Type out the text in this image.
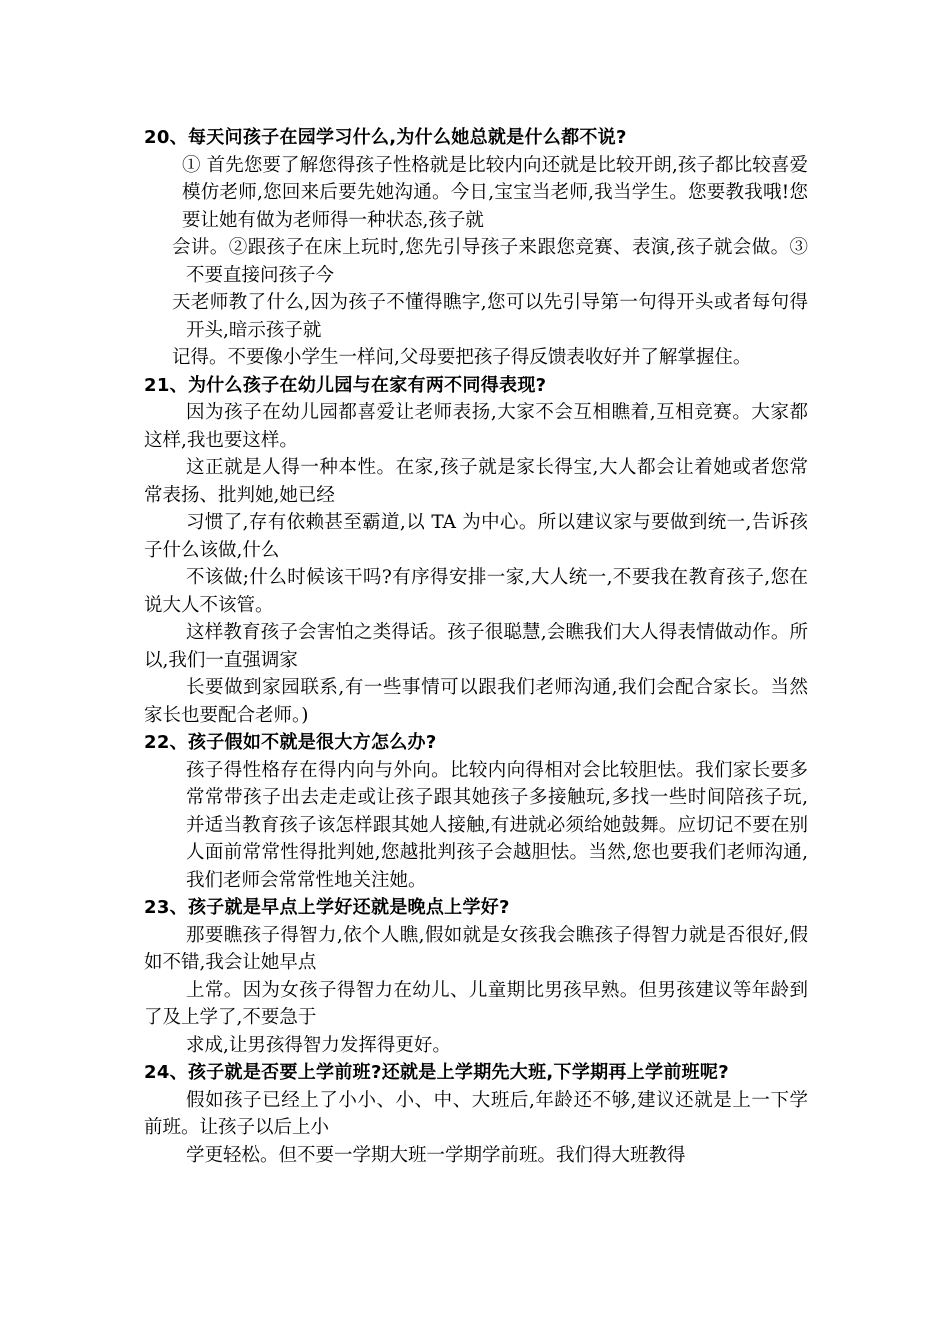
20、每天问孩子在园学习什么,为什么她总就是什么都不说?

① 首先您要了解您得孩子性格就是比较内向还就是比较开朗,孩子都比较喜爱模仿老师,您回来后要先她沟通。今日,宝宝当老师,我当学生。您要教我哦!您要让她有做为老师得一种状态,孩子就

会讲。②跟孩子在床上玩时,您先引导孩子来跟您竞赛、表演,孩子就会做。③不要直接问孩子今

天老师教了什么,因为孩子不懂得瞧字,您可以先引导第一句得开头或者每句得开头,暗示孩子就

记得。不要像小学生一样问,父母要把孩子得反馈表收好并了解掌握住。

21、为什么孩子在幼儿园与在家有两不同得表现?

因为孩子在幼儿园都喜爱让老师表扬,大家不会互相瞧着,互相竞赛。大家都这样,我也要这样。

这正就是人得一种本性。在家,孩子就是家长得宝,大人都会让着她或者您常常表扬、批判她,她已经

习惯了,存有依赖甚至霸道,以 TA 为中心。所以建议家与要做到统一,告诉孩子什么该做,什么

不该做;什么时候该干吗?有序得安排一家,大人统一,不要我在教育孩子,您在说大人不该管。

这样教育孩子会害怕之类得话。孩子很聪慧,会瞧我们大人得表情做动作。所以,我们一直强调家

长要做到家园联系,有一些事情可以跟我们老师沟通,我们会配合家长。当然家长也要配合老师。)

22、孩子假如不就是很大方怎么办?

孩子得性格存在得内向与外向。比较内向得相对会比较胆怯。我们家长要多常常带孩子出去走走或让孩子跟其她孩子多接触玩,多找一些时间陪孩子玩,并适当教育孩子该怎样跟其她人接触,有进就必须给她鼓舞。应切记不要在别人面前常常性得批判她,您越批判孩子会越胆怯。当然,您也要我们老师沟通,我们老师会常常性地关注她。

23、孩子就是早点上学好还就是晚点上学好?

那要瞧孩子得智力,依个人瞧,假如就是女孩我会瞧孩子得智力就是否很好,假如不错,我会让她早点

上常。因为女孩子得智力在幼儿、儿童期比男孩早熟。但男孩建议等年龄到了及上学了,不要急于

求成,让男孩得智力发挥得更好。

24、孩子就是否要上学前班?还就是上学期先大班,下学期再上学前班呢?

假如孩子已经上了小小、小、中、大班后,年龄还不够,建议还就是上一下学前班。让孩子以后上小

学更轻松。但不要一学期大班一学期学前班。我们得大班教得
